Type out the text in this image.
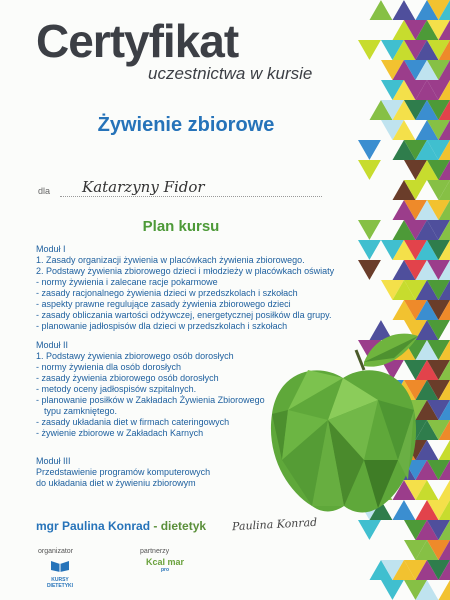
Certyfikat
uczestnictwa w kursie
Żywienie zbiorowe
dla Katarzyny Fidor
Plan kursu
Moduł I
1. Zasady organizacji żywienia w placówkach żywienia zbiorowego.
2. Podstawy żywienia zbiorowego dzieci i młodzieży w placówkach oświaty
- normy żywienia i zalecane racje pokarmowe
- zasady racjonalnego żywienia dzieci w przedszkolach i szkołach
- aspekty prawne regulujące zasady żywienia zbiorowego dzieci
- zasady obliczania wartości odżywczej, energetycznej posiłków dla grupy.
- planowanie jadłospisów dla dzieci w przedszkolach i szkołach
Moduł II
1. Podstawy żywienia zbiorowego osób dorosłych
- normy żywienia dla osób dorosłych
- zasady żywienia zbiorowego osób dorosłych
- metody oceny jadłospisów szpitalnych.
- planowanie posiłków w Zakładach Żywienia Zbiorowego
typu zamkniętego.
- zasady układania diet w firmach cateringowych
- żywienie zbiorowe w Zakładach Karnych
Moduł III
Przedstawienie programów komputerowych
do układania diet w żywieniu zbiorowym
mgr Paulina Konrad - dietetyk Paulina Konrad
organizator	partnerzy
KURSY DIETETYKI
Kcal mar
pro
